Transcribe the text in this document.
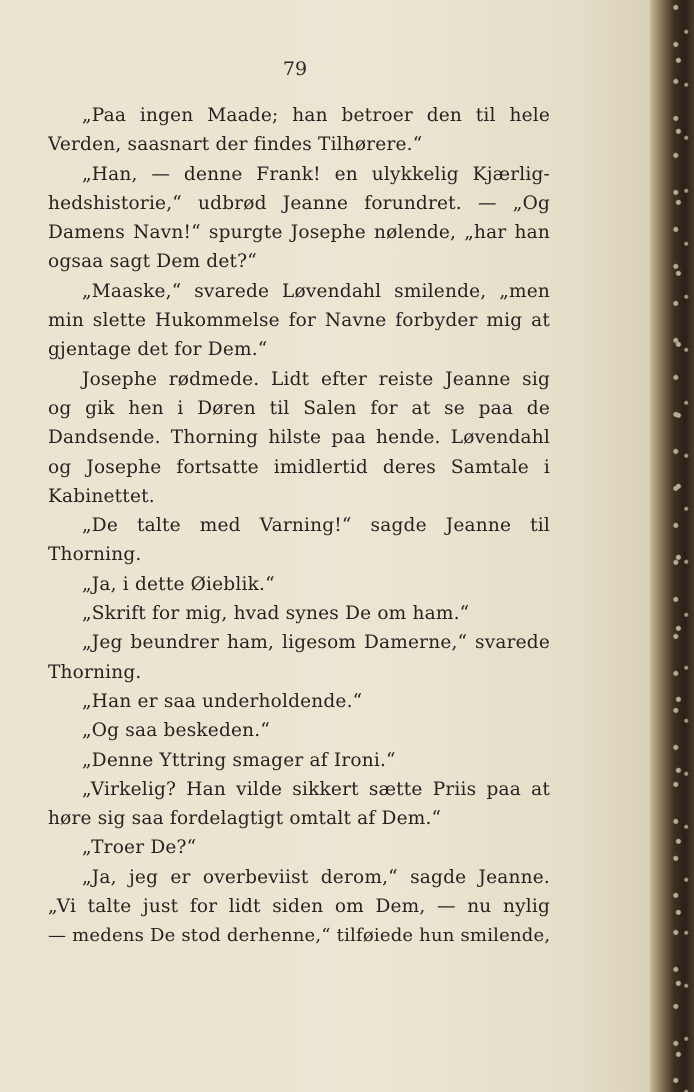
79
„Paa ingen Maade; han betroer den til hele
Verden, saasnart der findes Tilhørere.“
„Han, — denne Frank! en ulykkelig Kjærlig-
hedshistorie,“ udbrød Jeanne forundret. — „Og
Damens Navn!“ spurgte Josephe nølende, „har han
ogsaa sagt Dem det?“
„Maaske,“ svarede Løvendahl smilende, „men
min slette Hukommelse for Navne forbyder mig at
gjentage det for Dem.“
Josephe rødmede. Lidt efter reiste Jeanne sig
og gik hen i Døren til Salen for at se paa de
Dandsende. Thorning hilste paa hende. Løvendahl
og Josephe fortsatte imidlertid deres Samtale i
Kabinettet.
„De talte med Varning!“ sagde Jeanne til
Thorning.
„Ja, i dette Øieblik.“
„Skrift for mig, hvad synes De om ham.“
„Jeg beundrer ham, ligesom Damerne,“ svarede
Thorning.
„Han er saa underholdende.“
„Og saa beskeden.“
„Denne Yttring smager af Ironi.“
„Virkelig? Han vilde sikkert sætte Priis paa at
høre sig saa fordelagtigt omtalt af Dem.“
„Troer De?“
„Ja, jeg er overbeviist derom,“ sagde Jeanne.
„Vi talte just for lidt siden om Dem, — nu nylig
— medens De stod derhenne,“ tilføiede hun smilende,
